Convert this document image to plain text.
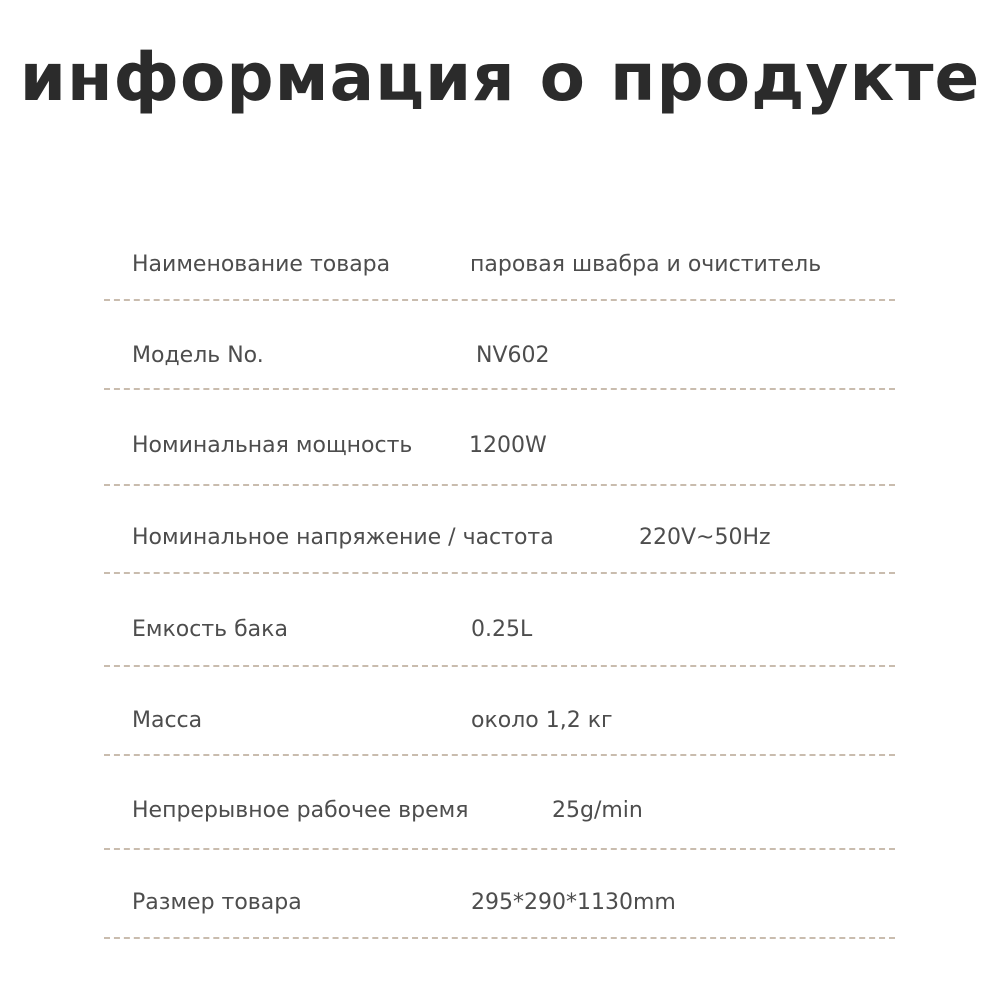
информация о продукте
Наименование товара	паровая швабра и очиститель
Модель No.	NV602
Номинальная мощность	1200W
Номинальное напряжение / частота	220V~50Hz
Емкость бака	0.25L
Масса	около 1,2 кг
Непрерывное рабочее время	25g/min
Размер товара	295*290*1130mm
